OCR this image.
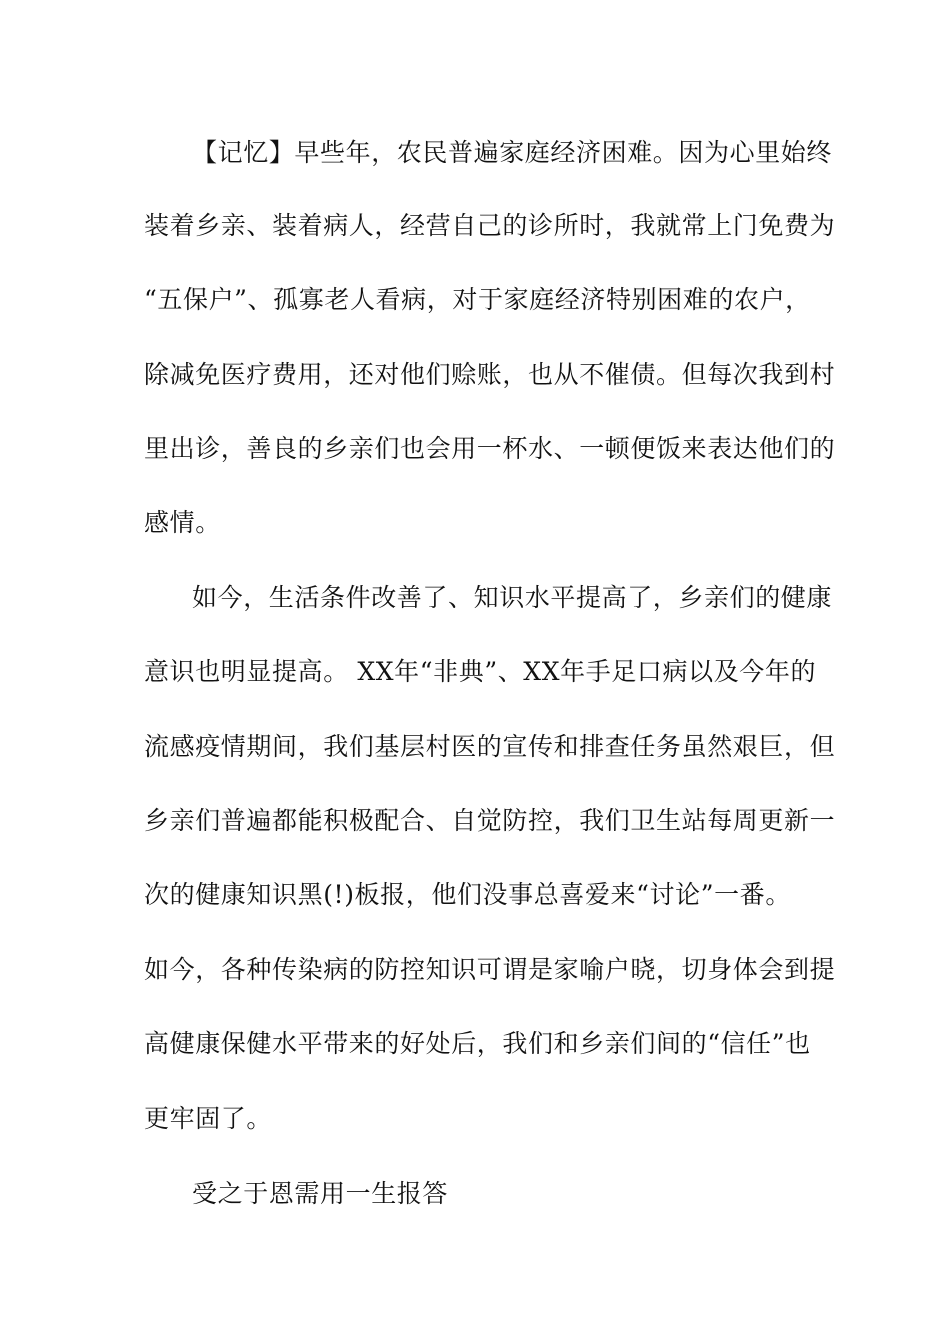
【记忆】早些年，农民普遍家庭经济困难。因为心里始终
装着乡亲、装着病人，经营自己的诊所时，我就常上门免费为
“五保户”、孤寡老人看病，对于家庭经济特别困难的农户，
除减免医疗费用，还对他们赊账，也从不催债。但每次我到村
里出诊，善良的乡亲们也会用一杯水、一顿便饭来表达他们的
感情。
如今，生活条件改善了、知识水平提高了，乡亲们的健康
意识也明显提高。 XX年“非典”、XX年手足口病以及今年的
流感疫情期间，我们基层村医的宣传和排查任务虽然艰巨，但
乡亲们普遍都能积极配合、自觉防控，我们卫生站每周更新一
次的健康知识黑(!)板报，他们没事总喜爱来“讨论”一番。
如今，各种传染病的防控知识可谓是家喻户晓，切身体会到提
高健康保健水平带来的好处后，我们和乡亲们间的“信任”也
更牢固了。
受之于恩需用一生报答
